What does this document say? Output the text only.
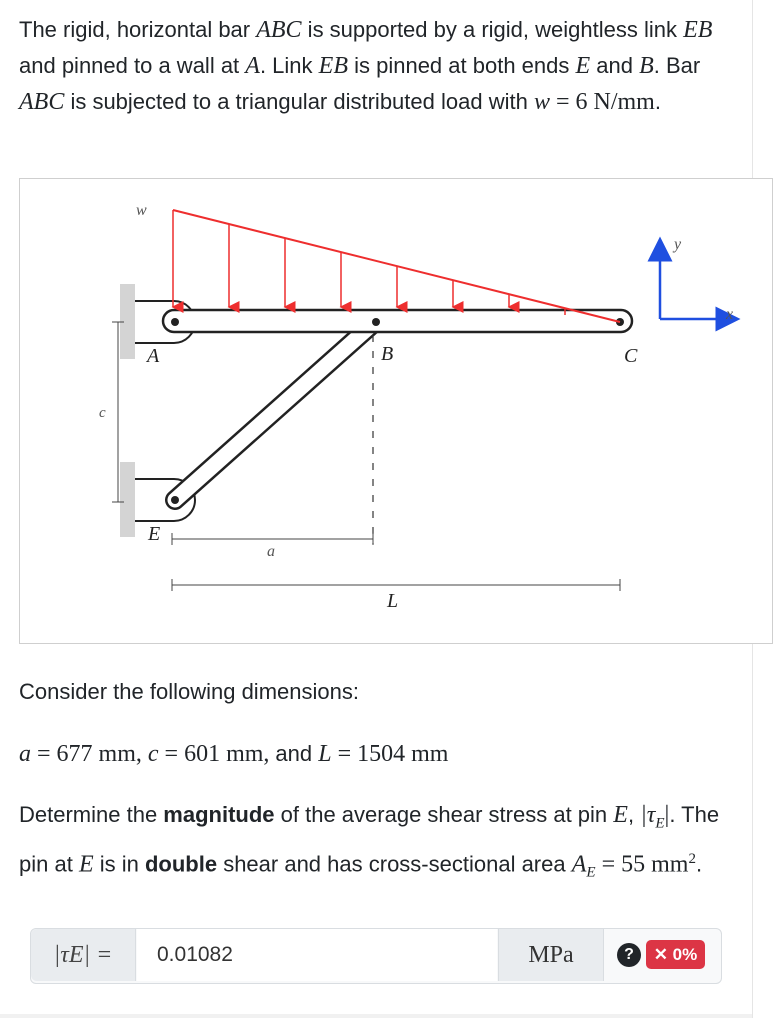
The rigid, horizontal bar ABC is supported by a rigid, weightless link EB and pinned to a wall at A. Link EB is pinned at both ends E and B. Bar ABC is subjected to a triangular distributed load with w = 6 N/mm.

w
y
x
A	B	C
E
c
a
L

Consider the following dimensions:

a = 677 mm, c = 601 mm, and L = 1504 mm

Determine the magnitude of the average shear stress at pin E, $|\tau_E|$. The pin at E is in double shear and has cross-sectional area $A_E = 55$ $mm^2$.

|τE| =	0.01082	MPa	?	✕ 0%
